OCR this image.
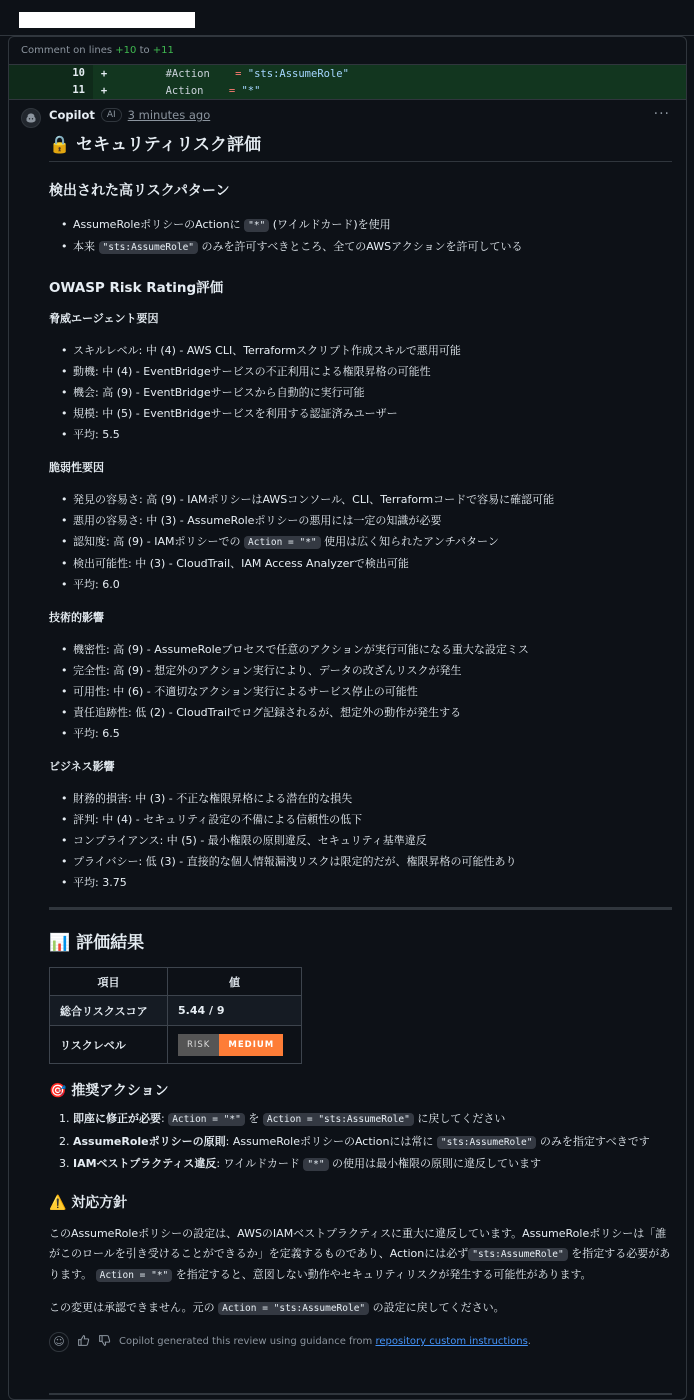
Comment on lines +10 to +11
10	+	#Action = "sts:AssumeRole"
11	+	Action = "*"
Copilot	AI	3 minutes ago	···
🔒 セキュリティリスク評価
検出された高リスクパターン
• AssumeRoleポリシーのActionに "*" (ワイルドカード)を使用
• 本来 "sts:AssumeRole" のみを許可すべきところ、全てのAWSアクションを許可している
OWASP Risk Rating評価
脅威エージェント要因
• スキルレベル: 中 (4) - AWS CLI、Terraformスクリプト作成スキルで悪用可能
• 動機: 中 (4) - EventBridgeサービスの不正利用による権限昇格の可能性
• 機会: 高 (9) - EventBridgeサービスから自動的に実行可能
• 規模: 中 (5) - EventBridgeサービスを利用する認証済みユーザー
• 平均: 5.5
脆弱性要因
• 発見の容易さ: 高 (9) - IAMポリシーはAWSコンソール、CLI、Terraformコードで容易に確認可能
• 悪用の容易さ: 中 (3) - AssumeRoleポリシーの悪用には一定の知識が必要
• 認知度: 高 (9) - IAMポリシーでの Action = "*" 使用は広く知られたアンチパターン
• 検出可能性: 中 (3) - CloudTrail、IAM Access Analyzerで検出可能
• 平均: 6.0
技術的影響
• 機密性: 高 (9) - AssumeRoleプロセスで任意のアクションが実行可能になる重大な設定ミス
• 完全性: 高 (9) - 想定外のアクション実行により、データの改ざんリスクが発生
• 可用性: 中 (6) - 不適切なアクション実行によるサービス停止の可能性
• 責任追跡性: 低 (2) - CloudTrailでログ記録されるが、想定外の動作が発生する
• 平均: 6.5
ビジネス影響
• 財務的損害: 中 (3) - 不正な権限昇格による潜在的な損失
• 評判: 中 (4) - セキュリティ設定の不備による信頼性の低下
• コンプライアンス: 中 (5) - 最小権限の原則違反、セキュリティ基準違反
• プライバシー: 低 (3) - 直接的な個人情報漏洩リスクは限定的だが、権限昇格の可能性あり
• 平均: 3.75
📊 評価結果
項目	値
総合リスクスコア	5.44 / 9
リスクレベル	RISK MEDIUM
🎯 推奨アクション
1. 即座に修正が必要: Action = "*" を Action = "sts:AssumeRole" に戻してください
2. AssumeRoleポリシーの原則: AssumeRoleポリシーのActionには常に "sts:AssumeRole" のみを指定すべきです
3. IAMベストプラクティス違反: ワイルドカード "*" の使用は最小権限の原則に違反しています
⚠️ 対応方針

このAssumeRoleポリシーの設定は、AWSのIAMベストプラクティスに重大に違反しています。AssumeRoleポリシーは「誰がこのロールを引き受けることができるか」を定義するものであり、Actionには必ず "sts:AssumeRole" を指定する必要があります。 Action = "*" を指定すると、意図しない動作やセキュリティリスクが発生する可能性があります。

この変更は承認できません。元の Action = "sts:AssumeRole" の設定に戻してください。

☺	Copilot generated this review using guidance from repository custom instructions.
